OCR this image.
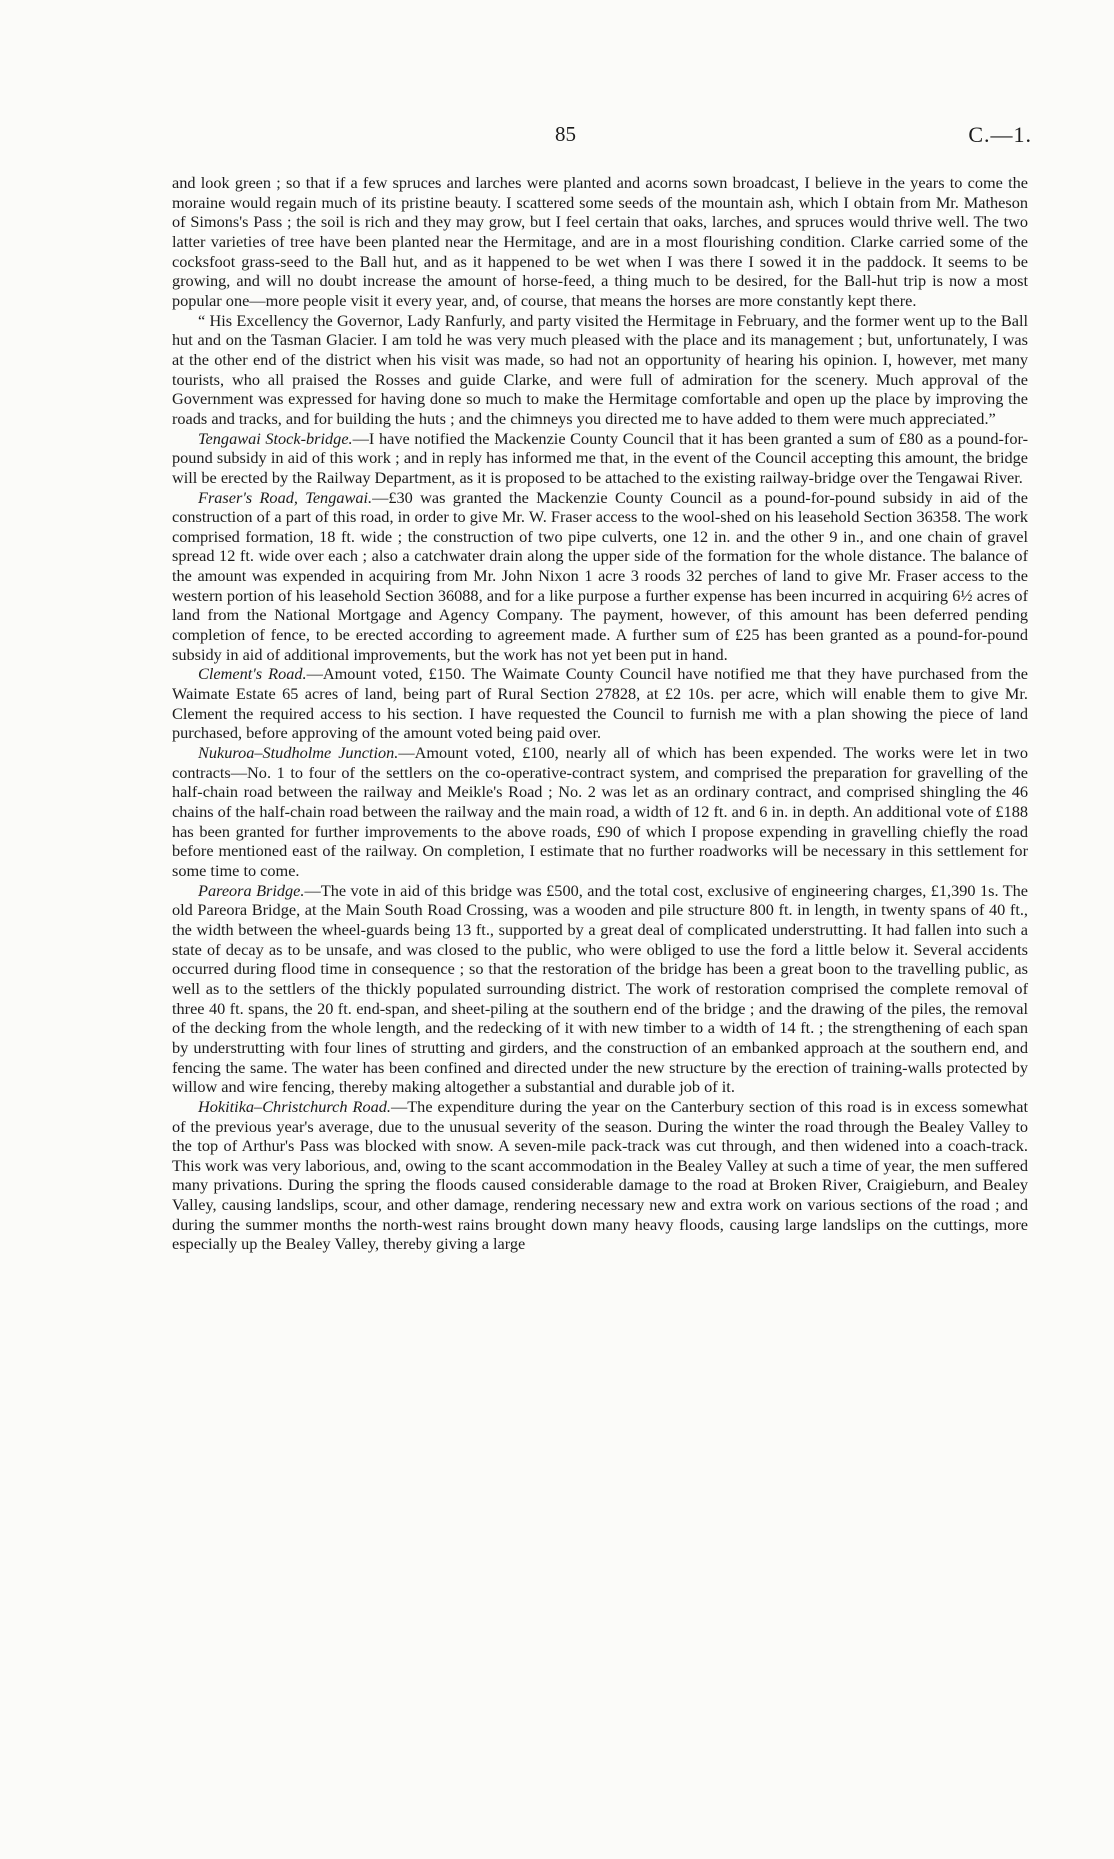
85	C.—1.

and look green ; so that if a few spruces and larches were planted and acorns sown broadcast, I believe in the years to come the moraine would regain much of its pristine beauty. I scattered some seeds of the mountain ash, which I obtain from Mr. Matheson of Simons's Pass ; the soil is rich and they may grow, but I feel certain that oaks, larches, and spruces would thrive well. The two latter varieties of tree have been planted near the Hermitage, and are in a most flourishing condition. Clarke carried some of the cocksfoot grass-seed to the Ball hut, and as it happened to be wet when I was there I sowed it in the paddock. It seems to be growing, and will no doubt increase the amount of horse-feed, a thing much to be desired, for the Ball-hut trip is now a most popular one—more people visit it every year, and, of course, that means the horses are more constantly kept there.

“ His Excellency the Governor, Lady Ranfurly, and party visited the Hermitage in February, and the former went up to the Ball hut and on the Tasman Glacier. I am told he was very much pleased with the place and its management ; but, unfortunately, I was at the other end of the district when his visit was made, so had not an opportunity of hearing his opinion. I, however, met many tourists, who all praised the Rosses and guide Clarke, and were full of admiration for the scenery. Much approval of the Government was expressed for having done so much to make the Hermitage comfortable and open up the place by improving the roads and tracks, and for building the huts ; and the chimneys you directed me to have added to them were much appreciated.”

Tengawai Stock-bridge.—I have notified the Mackenzie County Council that it has been granted a sum of £80 as a pound-for-pound subsidy in aid of this work ; and in reply has informed me that, in the event of the Council accepting this amount, the bridge will be erected by the Railway Department, as it is proposed to be attached to the existing railway-bridge over the Tengawai River.

Fraser's Road, Tengawai.—£30 was granted the Mackenzie County Council as a pound-for-pound subsidy in aid of the construction of a part of this road, in order to give Mr. W. Fraser access to the wool-shed on his leasehold Section 36358. The work comprised formation, 18 ft. wide ; the construction of two pipe culverts, one 12 in. and the other 9 in., and one chain of gravel spread 12 ft. wide over each ; also a catchwater drain along the upper side of the formation for the whole distance. The balance of the amount was expended in acquiring from Mr. John Nixon 1 acre 3 roods 32 perches of land to give Mr. Fraser access to the western portion of his leasehold Section 36088, and for a like purpose a further expense has been incurred in acquiring 6½ acres of land from the National Mortgage and Agency Company. The payment, however, of this amount has been deferred pending completion of fence, to be erected according to agreement made. A further sum of £25 has been granted as a pound-for-pound subsidy in aid of additional improvements, but the work has not yet been put in hand.

Clement's Road.—Amount voted, £150. The Waimate County Council have notified me that they have purchased from the Waimate Estate 65 acres of land, being part of Rural Section 27828, at £2 10s. per acre, which will enable them to give Mr. Clement the required access to his section. I have requested the Council to furnish me with a plan showing the piece of land purchased, before approving of the amount voted being paid over.

Nukuroa–Studholme Junction.—Amount voted, £100, nearly all of which has been expended. The works were let in two contracts—No. 1 to four of the settlers on the co-operative-contract system, and comprised the preparation for gravelling of the half-chain road between the railway and Meikle's Road ; No. 2 was let as an ordinary contract, and comprised shingling the 46 chains of the half-chain road between the railway and the main road, a width of 12 ft. and 6 in. in depth. An additional vote of £188 has been granted for further improvements to the above roads, £90 of which I propose expending in gravelling chiefly the road before mentioned east of the railway. On completion, I estimate that no further roadworks will be necessary in this settlement for some time to come.

Pareora Bridge.—The vote in aid of this bridge was £500, and the total cost, exclusive of engineering charges, £1,390 1s. The old Pareora Bridge, at the Main South Road Crossing, was a wooden and pile structure 800 ft. in length, in twenty spans of 40 ft., the width between the wheel-guards being 13 ft., supported by a great deal of complicated understrutting. It had fallen into such a state of decay as to be unsafe, and was closed to the public, who were obliged to use the ford a little below it. Several accidents occurred during flood time in consequence ; so that the restoration of the bridge has been a great boon to the travelling public, as well as to the settlers of the thickly populated surrounding district. The work of restoration comprised the complete removal of three 40 ft. spans, the 20 ft. end-span, and sheet-piling at the southern end of the bridge ; and the drawing of the piles, the removal of the decking from the whole length, and the redecking of it with new timber to a width of 14 ft. ; the strengthening of each span by understrutting with four lines of strutting and girders, and the construction of an embanked approach at the southern end, and fencing the same. The water has been confined and directed under the new structure by the erection of training-walls protected by willow and wire fencing, thereby making altogether a substantial and durable job of it.

Hokitika–Christchurch Road.—The expenditure during the year on the Canterbury section of this road is in excess somewhat of the previous year's average, due to the unusual severity of the season. During the winter the road through the Bealey Valley to the top of Arthur's Pass was blocked with snow. A seven-mile pack-track was cut through, and then widened into a coach-track. This work was very laborious, and, owing to the scant accommodation in the Bealey Valley at such a time of year, the men suffered many privations. During the spring the floods caused considerable damage to the road at Broken River, Craigieburn, and Bealey Valley, causing landslips, scour, and other damage, rendering necessary new and extra work on various sections of the road ; and during the summer months the north-west rains brought down many heavy floods, causing large landslips on the cuttings, more especially up the Bealey Valley, thereby giving a large
